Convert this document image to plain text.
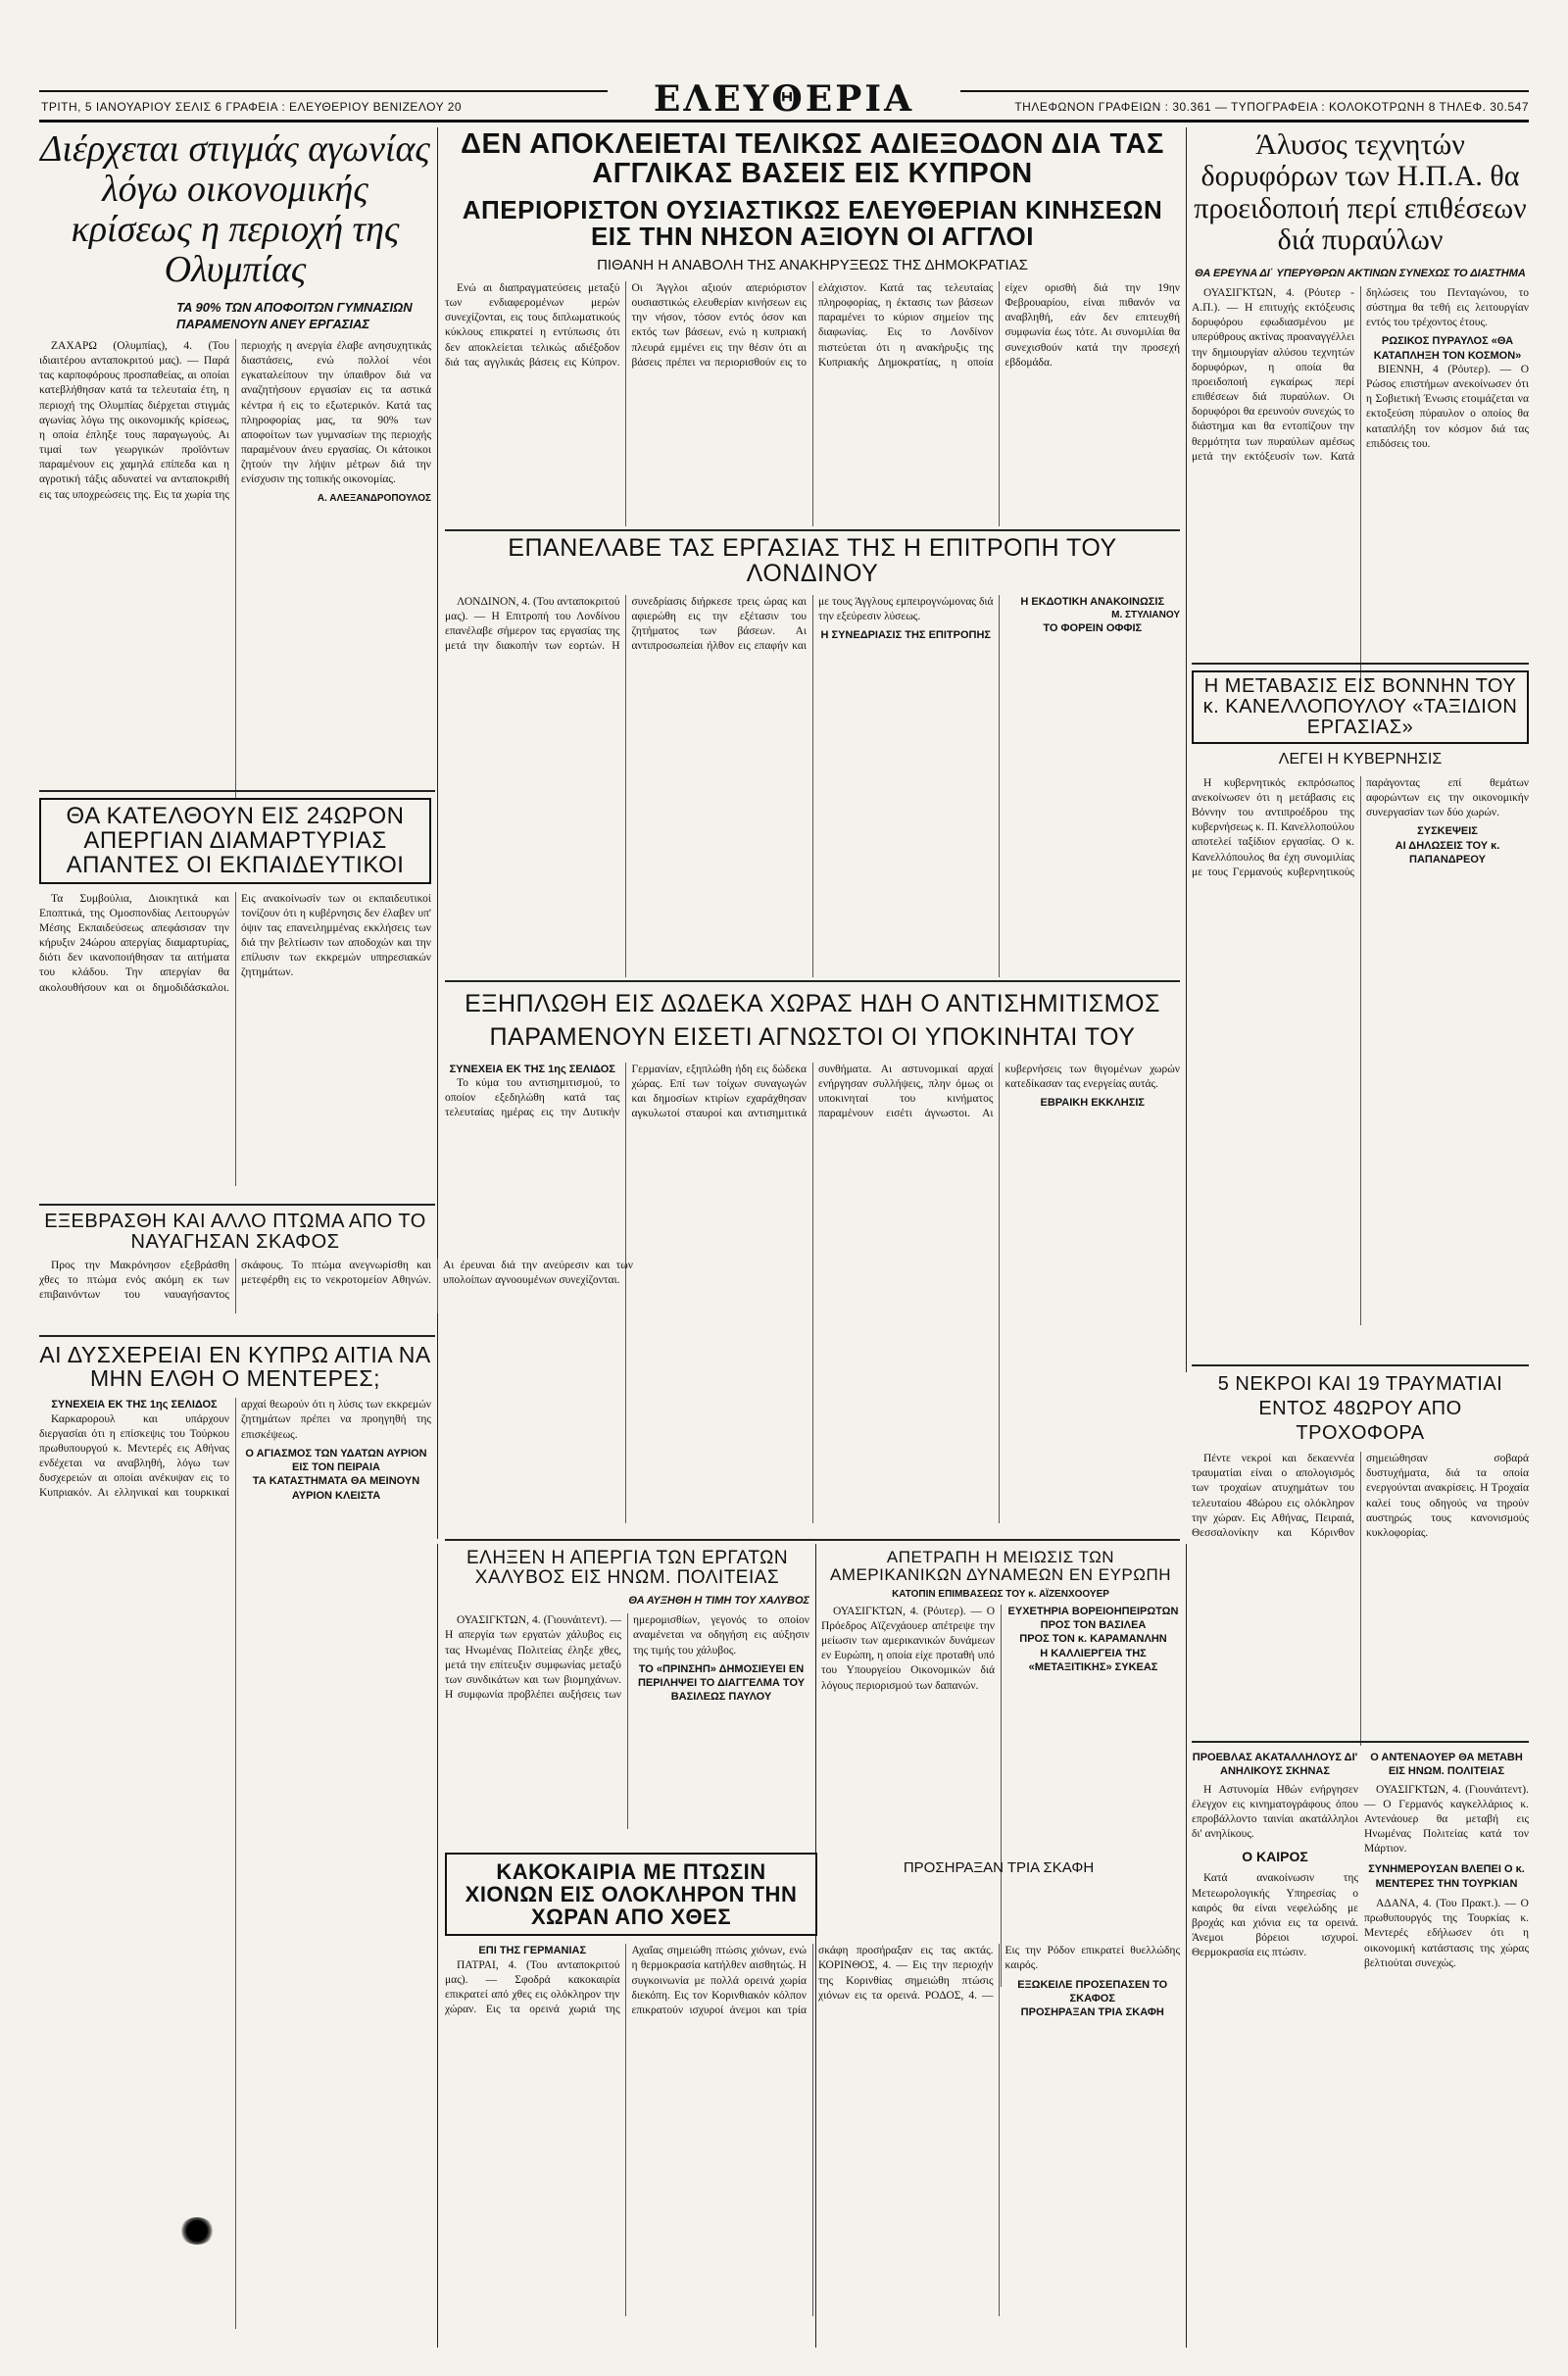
ΤΡΙΤΗ, 5 ΙΑΝΟΥΑΡΙΟΥ ΣΕΛΙΣ 6 ΓΡΑΦΕΙΑ : ΕΛΕΥΘΕΡΙΟΥ ΒΕΝΙΖΕΛΟΥ 20	ΕΛΕΥΘΕΡΙΑ	ΤΗΛΕΦΩΝΟΝ ΓΡΑΦΕΙΩΝ : 30.361 — ΤΥΠΟΓΡΑΦΕΙΑ : ΚΟΛΟΚΟΤΡΩΝΗ 8 ΤΗΛΕΦ. 30.547
Διέρχεται στιγμάς αγωνίας λόγω οικονομικής κρίσεως η περιοχή της Ολυμπίας
ΤΑ 90% ΤΩΝ ΑΠΟΦΟΙΤΩΝ ΓΥΜΝΑΣΙΩΝ ΠΑΡΑΜΕΝΟΥΝ ΑΝΕΥ ΕΡΓΑΣΙΑΣ

ΖΑΧΑΡΩ (Ολυμπίας), 4. (Του ιδιαιτέρου ανταποκριτού μας). — Παρά τας καρποφόρους προσπαθείας, αι οποίαι κατεβλήθησαν κατά τα τελευταία έτη, η περιοχή της Ολυμπίας διέρχεται στιγμάς αγωνίας λόγω της οικονομικής κρίσεως, η οποία έπληξε τους παραγωγούς. Αι τιμαί των γεωργικών προϊόντων παραμένουν εις χαμηλά επίπεδα και η αγροτική τάξις αδυνατεί να ανταποκριθή εις τας υποχρεώσεις της. Εις τα χωρία της περιοχής η ανεργία έλαβε ανησυχητικάς διαστάσεις, ενώ πολλοί νέοι εγκαταλείπουν την ύπαιθρον διά να αναζητήσουν εργασίαν εις τα αστικά κέντρα ή εις το εξωτερικόν. Κατά τας πληροφορίας μας, τα 90% των αποφοίτων των γυμνασίων της περιοχής παραμένουν άνευ εργασίας. Οι κάτοικοι ζητούν την λήψιν μέτρων διά την ενίσχυσιν της τοπικής οικονομίας.

Α. ΑΛΕΞΑΝΔΡΟΠΟΥΛΟΣ
ΔΕΝ ΑΠΟΚΛΕΙΕΤΑΙ ΤΕΛΙΚΩΣ ΑΔΙΕΞΟΔΟΝ ΔΙΑ ΤΑΣ ΑΓΓΛΙΚΑΣ ΒΑΣΕΙΣ ΕΙΣ ΚΥΠΡΟΝ
ΑΠΕΡΙΟΡΙΣΤΟΝ ΟΥΣΙΑΣΤΙΚΩΣ ΕΛΕΥΘΕΡΙΑΝ ΚΙΝΗΣΕΩΝ ΕΙΣ ΤΗΝ ΝΗΣΟΝ ΑΞΙΟΥΝ ΟΙ ΑΓΓΛΟΙ
ΠΙΘΑΝΗ Η ΑΝΑΒΟΛΗ ΤΗΣ ΑΝΑΚΗΡΥΞΕΩΣ ΤΗΣ ΔΗΜΟΚΡΑΤΙΑΣ

Ενώ αι διαπραγματεύσεις μεταξύ των ενδιαφερομένων μερών συνεχίζονται, εις τους διπλωματικούς κύκλους επικρατεί η εντύπωσις ότι δεν αποκλείεται τελικώς αδιέξοδον διά τας αγγλικάς βάσεις εις Κύπρον. Οι Άγγλοι αξιούν απεριόριστον ουσιαστικώς ελευθερίαν κινήσεων εις την νήσον, τόσον εντός όσον και εκτός των βάσεων, ενώ η κυπριακή πλευρά εμμένει εις την θέσιν ότι αι βάσεις πρέπει να περιορισθούν εις το ελάχιστον. Κατά τας τελευταίας πληροφορίας, η έκτασις των βάσεων παραμένει το κύριον σημείον της διαφωνίας. Εις το Λονδίνον πιστεύεται ότι η ανακήρυξις της Κυπριακής Δημοκρατίας, η οποία είχεν ορισθή διά την 19ην Φεβρουαρίου, είναι πιθανόν να αναβληθή, εάν δεν επιτευχθή συμφωνία έως τότε. Αι συνομιλίαι θα συνεχισθούν κατά την προσεχή εβδομάδα.

Άλυσος τεχνητών δορυφόρων των Η.Π.Α. θα προειδοποιή περί επιθέσεων διά πυραύλων
ΘΑ ΕΡΕΥΝΑ ΔΙ΄ ΥΠΕΡΥΘΡΩΝ ΑΚΤΙΝΩΝ ΣΥΝΕΧΩΣ ΤΟ ΔΙΑΣΤΗΜΑ

ΟΥΑΣΙΓΚΤΩΝ, 4. (Ρόυτερ - Α.Π.). — Η επιτυχής εκτόξευσις δορυφόρου εφωδιασμένου με υπερύθρους ακτίνας προαναγγέλλει την δημιουργίαν αλύσου τεχνητών δορυφόρων, η οποία θα προειδοποιή εγκαίρως περί επιθέσεων διά πυραύλων. Οι δορυφόροι θα ερευνούν συνεχώς το διάστημα και θα εντοπίζουν την θερμότητα των πυραύλων αμέσως μετά την εκτόξευσίν των. Κατά δηλώσεις του Πενταγώνου, το σύστημα θα τεθή εις λειτουργίαν εντός του τρέχοντος έτους.

ΡΩΣΙΚΟΣ ΠΥΡΑΥΛΟΣ «ΘΑ ΚΑΤΑΠΛΗΞΗ ΤΟΝ ΚΟΣΜΟΝ»

ΒΙΕΝΝΗ, 4 (Ρόυτερ). — Ο Ρώσος επιστήμων ανεκοίνωσεν ότι η Σοβιετική Ένωσις ετοιμάζεται να εκτοξεύση πύραυλον ο οποίος θα καταπλήξη τον κόσμον διά τας επιδόσεις του.

ΘΑ ΚΑΤΕΛΘΟΥΝ ΕΙΣ 24ΩΡΟΝ ΑΠΕΡΓΙΑΝ ΔΙΑΜΑΡΤΥΡΙΑΣ ΑΠΑΝΤΕΣ ΟΙ ΕΚΠΑΙΔΕΥΤΙΚΟΙ

Τα Συμβούλια, Διοικητικά και Εποπτικά, της Ομοσπονδίας Λειτουργών Μέσης Εκπαιδεύσεως απεφάσισαν την κήρυξιν 24ώρου απεργίας διαμαρτυρίας, διότι δεν ικανοποιήθησαν τα αιτήματα του κλάδου. Την απεργίαν θα ακολουθήσουν και οι δημοδιδάσκαλοι. Εις ανακοίνωσίν των οι εκπαιδευτικοί τονίζουν ότι η κυβέρνησις δεν έλαβεν υπ' όψιν τας επανειλημμένας εκκλήσεις των διά την βελτίωσιν των αποδοχών και την επίλυσιν των εκκρεμών υπηρεσιακών ζητημάτων.

ΕΠΑΝΕΛΑΒΕ ΤΑΣ ΕΡΓΑΣΙΑΣ ΤΗΣ Η ΕΠΙΤΡΟΠΗ ΤΟΥ ΛΟΝΔΙΝΟΥ

ΛΟΝΔΙΝΟΝ, 4. (Του ανταποκριτού μας). — Η Επιτροπή του Λονδίνου επανέλαβε σήμερον τας εργασίας της μετά την διακοπήν των εορτών. Η συνεδρίασις διήρκεσε τρεις ώρας και αφιερώθη εις την εξέτασιν του ζητήματος των βάσεων. Αι αντιπροσωπείαι ήλθον εις επαφήν και με τους Άγγλους εμπειρογνώμονας διά την εξεύρεσιν λύσεως.

Η ΣΥΝΕΔΡΙΑΣΙΣ ΤΗΣ ΕΠΙΤΡΟΠΗΣ
Η ΕΚΔΟΤΙΚΗ ΑΝΑΚΟΙΝΩΣΙΣ
Μ. ΣΤΥΛΙΑΝΟΥ
ΤΟ ΦΟΡΕΙΝ ΟΦΦΙΣ
ΕΞΗΠΛΩΘΗ ΕΙΣ ΔΩΔΕΚΑ ΧΩΡΑΣ ΗΔΗ Ο ΑΝΤΙΣΗΜΙΤΙΣΜΟΣ ΠΑΡΑΜΕΝΟΥΝ ΕΙΣΕΤΙ ΑΓΝΩΣΤΟΙ ΟΙ ΥΠΟΚΙΝΗΤΑΙ ΤΟΥ
ΣΥΝΕΧΕΙΑ ΕΚ ΤΗΣ 1ης ΣΕΛΙΔΟΣ

Το κύμα του αντισημιτισμού, το οποίον εξεδηλώθη κατά τας τελευταίας ημέρας εις την Δυτικήν Γερμανίαν, εξηπλώθη ήδη εις δώδεκα χώρας. Επί των τοίχων συναγωγών και δημοσίων κτιρίων εχαράχθησαν αγκυλωτοί σταυροί και αντισημιτικά συνθήματα. Αι αστυνομικαί αρχαί ενήργησαν συλλήψεις, πλην όμως οι υποκινηταί του κινήματος παραμένουν εισέτι άγνωστοι. Αι κυβερνήσεις των θιγομένων χωρών κατεδίκασαν τας ενεργείας αυτάς.

ΕΒΡΑΙΚΗ ΕΚΚΛΗΣΙΣ
Η ΜΕΤΑΒΑΣΙΣ ΕΙΣ ΒΟΝΝΗΝ ΤΟΥ κ. ΚΑΝΕΛΛΟΠΟΥΛΟΥ «ΤΑΞΙΔΙΟΝ ΕΡΓΑΣΙΑΣ»
ΛΕΓΕΙ Η ΚΥΒΕΡΝΗΣΙΣ

Η κυβερνητικός εκπρόσωπος ανεκοίνωσεν ότι η μετάβασις εις Βόννην του αντιπροέδρου της κυβερνήσεως κ. Π. Κανελλοπούλου αποτελεί ταξίδιον εργασίας. Ο κ. Κανελλόπουλος θα έχη συνομιλίας με τους Γερμανούς κυβερνητικούς παράγοντας επί θεμάτων αφορώντων εις την οικονομικήν συνεργασίαν των δύο χωρών.

ΣΥΣΚΕΨΕΙΣ
ΑΙ ΔΗΛΩΣΕΙΣ ΤΟΥ κ. ΠΑΠΑΝΔΡΕΟΥ
5 ΝΕΚΡΟΙ ΚΑΙ 19 ΤΡΑΥΜΑΤΙΑΙ ΕΝΤΟΣ 48ΩΡΟΥ ΑΠΟ ΤΡΟΧΟΦΟΡΑ

Πέντε νεκροί και δεκαεννέα τραυματίαι είναι ο απολογισμός των τροχαίων ατυχημάτων του τελευταίου 48ώρου εις ολόκληρον την χώραν. Εις Αθήνας, Πειραιά, Θεσσαλονίκην και Κόρινθον σημειώθησαν σοβαρά δυστυχήματα, διά τα οποία ενεργούνται ανακρίσεις. Η Τροχαία καλεί τους οδηγούς να τηρούν αυστηρώς τους κανονισμούς κυκλοφορίας.

ΕΞΕΒΡΑΣΘΗ ΚΑΙ ΑΛΛΟ ΠΤΩΜΑ ΑΠΟ ΤΟ ΝΑΥΑΓΗΣΑΝ ΣΚΑΦΟΣ

Προς την Μακρόνησον εξεβράσθη χθες το πτώμα ενός ακόμη εκ των επιβαινόντων του ναυαγήσαντος σκάφους. Το πτώμα ανεγνωρίσθη και μετεφέρθη εις το νεκροτομείον Αθηνών. Αι έρευναι διά την ανεύρεσιν και των υπολοίπων αγνοουμένων συνεχίζονται.

ΑΙ ΔΥΣΧΕΡΕΙΑΙ ΕΝ ΚΥΠΡΩ ΑΙΤΙΑ ΝΑ ΜΗΝ ΕΛΘΗ Ο ΜΕΝΤΕΡΕΣ;
ΣΥΝΕΧΕΙΑ ΕΚ ΤΗΣ 1ης ΣΕΛΙΔΟΣ

Καρκαρορουλ και υπάρχουν διεργασίαι ότι η επίσκεψις του Τούρκου πρωθυπουργού κ. Μεντερές εις Αθήνας ενδέχεται να αναβληθή, λόγω των δυσχερειών αι οποίαι ανέκυψαν εις το Κυπριακόν. Αι ελληνικαί και τουρκικαί αρχαί θεωρούν ότι η λύσις των εκκρεμών ζητημάτων πρέπει να προηγηθή της επισκέψεως.

Ο ΑΓΙΑΣΜΟΣ ΤΩΝ ΥΔΑΤΩΝ ΑΥΡΙΟΝ ΕΙΣ ΤΟΝ ΠΕΙΡΑΙΑ
ΤΑ ΚΑΤΑΣΤΗΜΑΤΑ ΘΑ ΜΕΙΝΟΥΝ ΑΥΡΙΟΝ ΚΛΕΙΣΤΑ
ΕΛΗΞΕΝ Η ΑΠΕΡΓΙΑ ΤΩΝ ΕΡΓΑΤΩΝ ΧΑΛΥΒΟΣ ΕΙΣ ΗΝΩΜ. ΠΟΛΙΤΕΙΑΣ
ΘΑ ΑΥΞΗΘΗ Η ΤΙΜΗ ΤΟΥ ΧΑΛΥΒΟΣ

ΟΥΑΣΙΓΚΤΩΝ, 4. (Γιουνάιτεντ). — Η απεργία των εργατών χάλυβος εις τας Ηνωμένας Πολιτείας έληξε χθες, μετά την επίτευξιν συμφωνίας μεταξύ των συνδικάτων και των βιομηχάνων. Η συμφωνία προβλέπει αυξήσεις των ημερομισθίων, γεγονός το οποίον αναμένεται να οδηγήση εις αύξησιν της τιμής του χάλυβος.

ΤΟ «ΠΡΙΝΣΗΠ» ΔΗΜΟΣΙΕΥΕΙ ΕΝ ΠΕΡΙΛΗΨΕΙ ΤΟ ΔΙΑΓΓΕΛΜΑ ΤΟΥ ΒΑΣΙΛΕΩΣ ΠΑΥΛΟΥ
ΑΠΕΤΡΑΠΗ Η ΜΕΙΩΣΙΣ ΤΩΝ ΑΜΕΡΙΚΑΝΙΚΩΝ ΔΥΝΑΜΕΩΝ ΕΝ ΕΥΡΩΠΗ
ΚΑΤΟΠΙΝ ΕΠΙΜΒΑΣΕΩΣ ΤΟΥ κ. ΑΪΖΕΝΧΟΟΥΕΡ

ΟΥΑΣΙΓΚΤΩΝ, 4. (Ρόυτερ). — Ο Πρόεδρος Αϊζενχάουερ απέτρεψε την μείωσιν των αμερικανικών δυνάμεων εν Ευρώπη, η οποία είχε προταθή υπό του Υπουργείου Οικονομικών διά λόγους περιορισμού των δαπανών.

ΕΥΧΕΤΗΡΙΑ ΒΟΡΕΙΟΗΠΕΙΡΩΤΩΝ ΠΡΟΣ ΤΟΝ ΒΑΣΙΛΕΑ
ΠΡΟΣ ΤΟΝ κ. ΚΑΡΑΜΑΝΛΗΝ
Η ΚΑΛΛΙΕΡΓΕΙΑ ΤΗΣ «ΜΕΤΑΞΙΤΙΚΗΣ» ΣΥΚΕΑΣ
ΚΑΚΟΚΑΙΡΙΑ ΜΕ ΠΤΩΣΙΝ ΧΙΟΝΩΝ ΕΙΣ ΟΛΟΚΛΗΡΟΝ ΤΗΝ ΧΩΡΑΝ ΑΠΟ ΧΘΕΣ
ΠΡΟΣΗΡΑΞΑΝ ΤΡΙΑ ΣΚΑΦΗ
ΕΠΙ ΤΗΣ ΓΕΡΜΑΝΙΑΣ

ΠΑΤΡΑΙ, 4. (Του ανταποκριτού μας). — Σφοδρά κακοκαιρία επικρατεί από χθες εις ολόκληρον την χώραν. Εις τα ορεινά χωριά της Αχαΐας σημειώθη πτώσις χιόνων, ενώ η θερμοκρασία κατήλθεν αισθητώς. Η συγκοινωνία με πολλά ορεινά χωρία διεκόπη. Εις τον Κορινθιακόν κόλπον επικρατούν ισχυροί άνεμοι και τρία σκάφη προσήραξαν εις τας ακτάς. ΚΟΡΙΝΘΟΣ, 4. — Εις την περιοχήν της Κορινθίας σημειώθη πτώσις χιόνων εις τα ορεινά. ΡΟΔΟΣ, 4. — Εις την Ρόδον επικρατεί θυελλώδης καιρός.

ΕΞΩΚΕΙΛΕ ΠΡΟΣΕΠΑΣΕΝ ΤΟ ΣΚΑΦΟΣ
ΠΡΟΣΗΡΑΞΑΝ ΤΡΙΑ ΣΚΑΦΗ
ΠΡΟΕΒΛΑΣ ΑΚΑΤΑΛΛΗΛΟΥΣ ΔΙ' ΑΝΗΛΙΚΟΥΣ ΣΚΗΝΑΣ

Η Αστυνομία Ηθών ενήργησεν έλεγχον εις κινηματογράφους όπου επροβάλλοντο ταινίαι ακατάλληλοι δι' ανηλίκους.

Ο ΚΑΙΡΟΣ

Κατά ανακοίνωσιν της Μετεωρολογικής Υπηρεσίας ο καιρός θα είναι νεφελώδης με βροχάς και χιόνια εις τα ορεινά. Άνεμοι βόρειοι ισχυροί. Θερμοκρασία εις πτώσιν.

Ο ΑΝΤΕΝΑΟΥΕΡ ΘΑ ΜΕΤΑΒΗ ΕΙΣ ΗΝΩΜ. ΠΟΛΙΤΕΙΑΣ

ΟΥΑΣΙΓΚΤΩΝ, 4. (Γιουνάιτεντ). — Ο Γερμανός καγκελλάριος κ. Αντενάουερ θα μεταβή εις Ηνωμένας Πολιτείας κατά τον Μάρτιον.

ΣΥΝΗΜΕΡΟΥΣΑΝ ΒΛΕΠΕΙ Ο κ. ΜΕΝΤΕΡΕΣ ΤΗΝ ΤΟΥΡΚΙΑΝ

ΑΔΑΝΑ, 4. (Του Πρακτ.). — Ο πρωθυπουργός της Τουρκίας κ. Μεντερές εδήλωσεν ότι η οικονομική κατάστασις της χώρας βελτιούται συνεχώς.
